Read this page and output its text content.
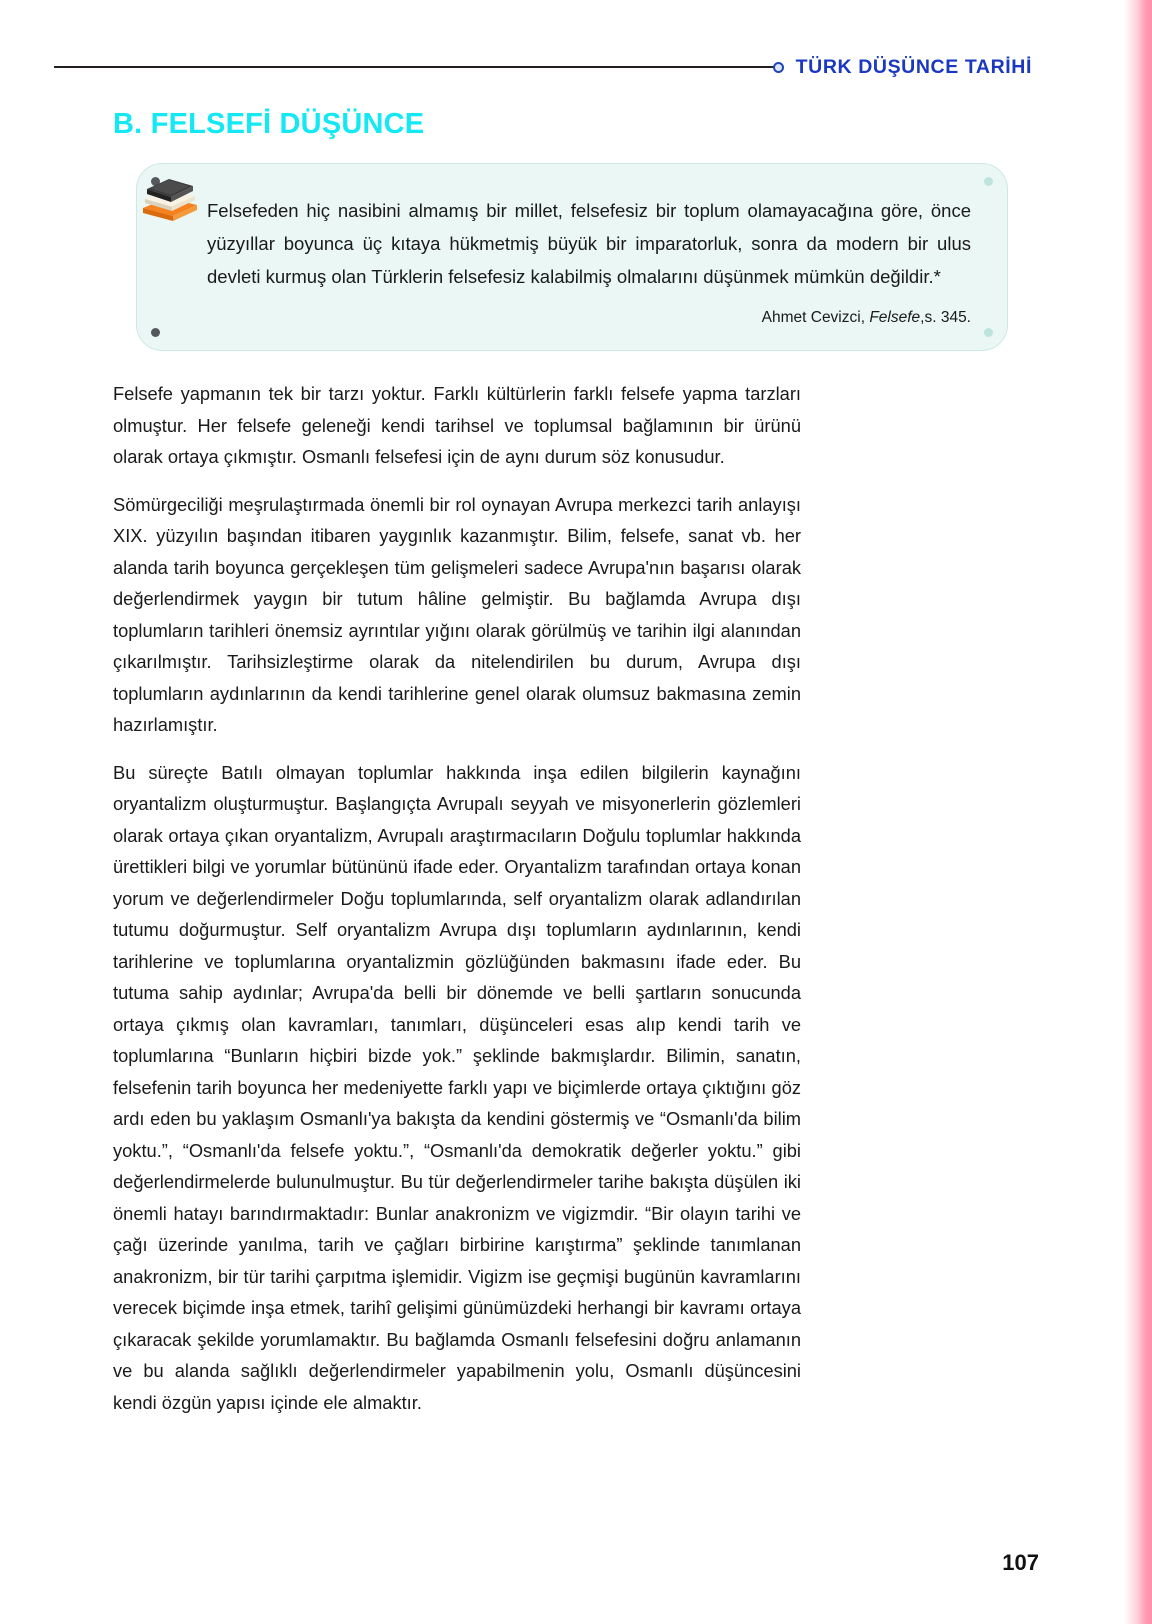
TÜRK DÜŞÜNCE TARİHİ
B. FELSEFİ DÜŞÜNCE
Felsefeden hiç nasibini almamış bir millet, felsefesiz bir toplum olamayacağına göre, önce yüzyıllar boyunca üç kıtaya hükmetmiş büyük bir imparatorluk, sonra da modern bir ulus devleti kurmuş olan Türklerin felsefesiz kalabilmiş olmalarını düşünmek mümkün değildir.*
Ahmet Cevizci, Felsefe,s. 345.

Felsefe yapmanın tek bir tarzı yoktur. Farklı kültürlerin farklı felsefe yapma tarzları olmuştur. Her felsefe geleneği kendi tarihsel ve toplumsal bağlamının bir ürünü olarak ortaya çıkmıştır. Osmanlı felsefesi için de aynı durum söz konusudur.

Sömürgeciliği meşrulaştırmada önemli bir rol oynayan Avrupa merkezci tarih anlayışı XIX. yüzyılın başından itibaren yaygınlık kazanmıştır. Bilim, felsefe, sanat vb. her alanda tarih boyunca gerçekleşen tüm gelişmeleri sadece Avrupa'nın başarısı olarak değerlendirmek yaygın bir tutum hâline gelmiştir. Bu bağlamda Avrupa dışı toplumların tarihleri önemsiz ayrıntılar yığını olarak görülmüş ve tarihin ilgi alanından çıkarılmıştır. Tarihsizleştirme olarak da nitelendirilen bu durum, Avrupa dışı toplumların aydınlarının da kendi tarihlerine genel olarak olumsuz bakmasına zemin hazırlamıştır.

Bu süreçte Batılı olmayan toplumlar hakkında inşa edilen bilgilerin kaynağını oryantalizm oluşturmuştur. Başlangıçta Avrupalı seyyah ve misyonerlerin gözlemleri olarak ortaya çıkan oryantalizm, Avrupalı araştırmacıların Doğulu toplumlar hakkında ürettikleri bilgi ve yorumlar bütününü ifade eder. Oryantalizm tarafından ortaya konan yorum ve değerlendirmeler Doğu toplumlarında, self oryantalizm olarak adlandırılan tutumu doğurmuştur. Self oryantalizm Avrupa dışı toplumların aydınlarının, kendi tarihlerine ve toplumlarına oryantalizmin gözlüğünden bakmasını ifade eder. Bu tutuma sahip aydınlar; Avrupa'da belli bir dönemde ve belli şartların sonucunda ortaya çıkmış olan kavramları, tanımları, düşünceleri esas alıp kendi tarih ve toplumlarına “Bunların hiçbiri bizde yok.” şeklinde bakmışlardır. Bilimin, sanatın, felsefenin tarih boyunca her medeniyette farklı yapı ve biçimlerde ortaya çıktığını göz ardı eden bu yaklaşım Osmanlı'ya bakışta da kendini göstermiş ve “Osmanlı'da bilim yoktu.”, “Osmanlı'da felsefe yoktu.”, “Osmanlı'da demokratik değerler yoktu.” gibi değerlendirmelerde bulunulmuştur. Bu tür değerlendirmeler tarihe bakışta düşülen iki önemli hatayı barındırmaktadır: Bunlar anakronizm ve vigizmdir. “Bir olayın tarihi ve çağı üzerinde yanılma, tarih ve çağları birbirine karıştırma” şeklinde tanımlanan anakronizm, bir tür tarihi çarpıtma işlemidir. Vigizm ise geçmişi bugünün kavramlarını verecek biçimde inşa etmek, tarihî gelişimi günümüzdeki herhangi bir kavramı ortaya çıkaracak şekilde yorumlamaktır. Bu bağlamda Osmanlı felsefesini doğru anlamanın ve bu alanda sağlıklı değerlendirmeler yapabilmenin yolu, Osmanlı düşüncesini kendi özgün yapısı içinde ele almaktır.

107
